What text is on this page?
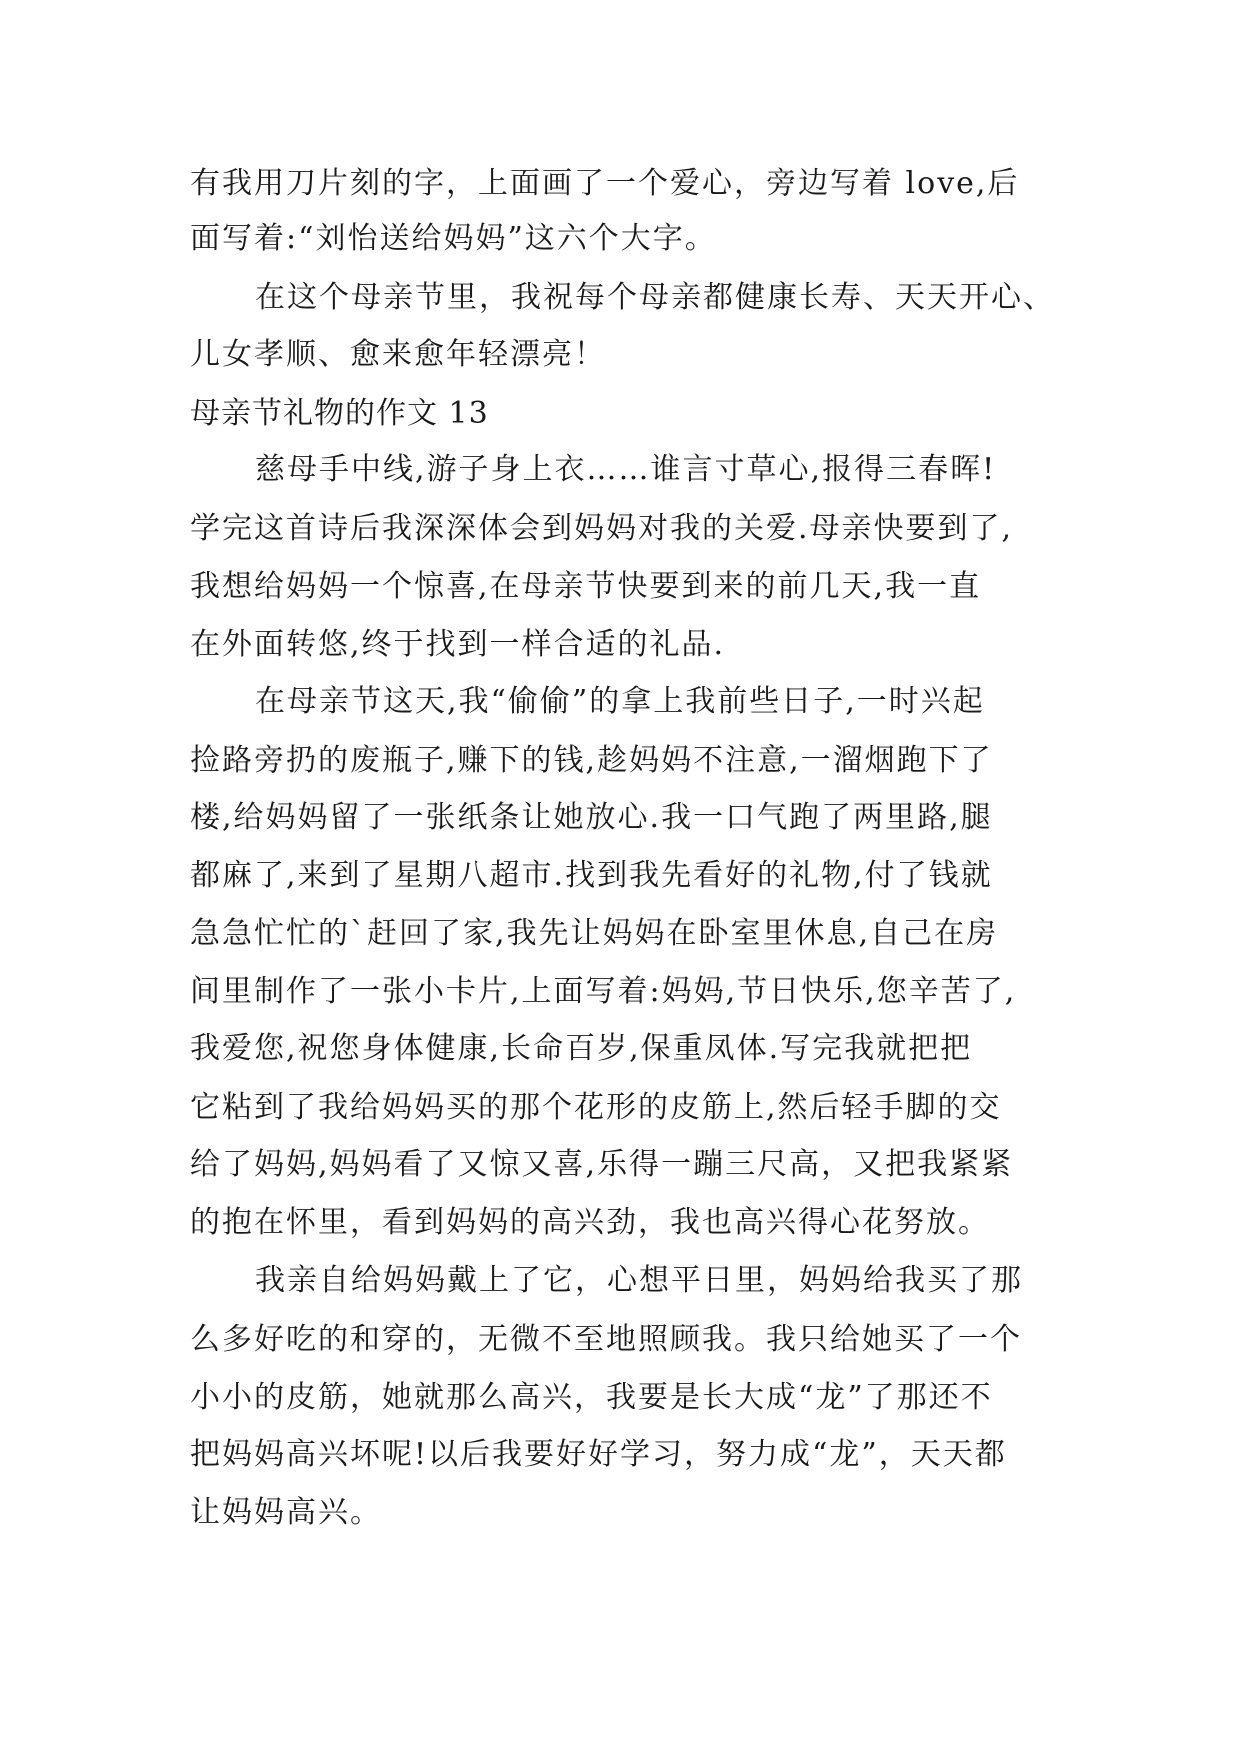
有我用刀片刻的字，上面画了一个爱心，旁边写着 love,后
面写着:“刘怡送给妈妈”这六个大字。
在这个母亲节里，我祝每个母亲都健康长寿、天天开心、
儿女孝顺、愈来愈年轻漂亮！
母亲节礼物的作文 13
慈母手中线,游子身上衣……谁言寸草心,报得三春晖!
学完这首诗后我深深体会到妈妈对我的关爱.母亲快要到了,
我想给妈妈一个惊喜,在母亲节快要到来的前几天,我一直
在外面转悠,终于找到一样合适的礼品.
在母亲节这天,我“偷偷”的拿上我前些日子,一时兴起
捡路旁扔的废瓶子,赚下的钱,趁妈妈不注意,一溜烟跑下了
楼,给妈妈留了一张纸条让她放心.我一口气跑了两里路,腿
都麻了,来到了星期八超市.找到我先看好的礼物,付了钱就
急急忙忙的`赶回了家,我先让妈妈在卧室里休息,自己在房
间里制作了一张小卡片,上面写着:妈妈,节日快乐,您辛苦了,
我爱您,祝您身体健康,长命百岁,保重凤体.写完我就把把
它粘到了我给妈妈买的那个花形的皮筋上,然后轻手脚的交
给了妈妈,妈妈看了又惊又喜,乐得一蹦三尺高，又把我紧紧
的抱在怀里，看到妈妈的高兴劲，我也高兴得心花努放。
我亲自给妈妈戴上了它，心想平日里，妈妈给我买了那
么多好吃的和穿的，无微不至地照顾我。我只给她买了一个
小小的皮筋，她就那么高兴，我要是长大成“龙”了那还不
把妈妈高兴坏呢!以后我要好好学习，努力成“龙”，天天都
让妈妈高兴。
